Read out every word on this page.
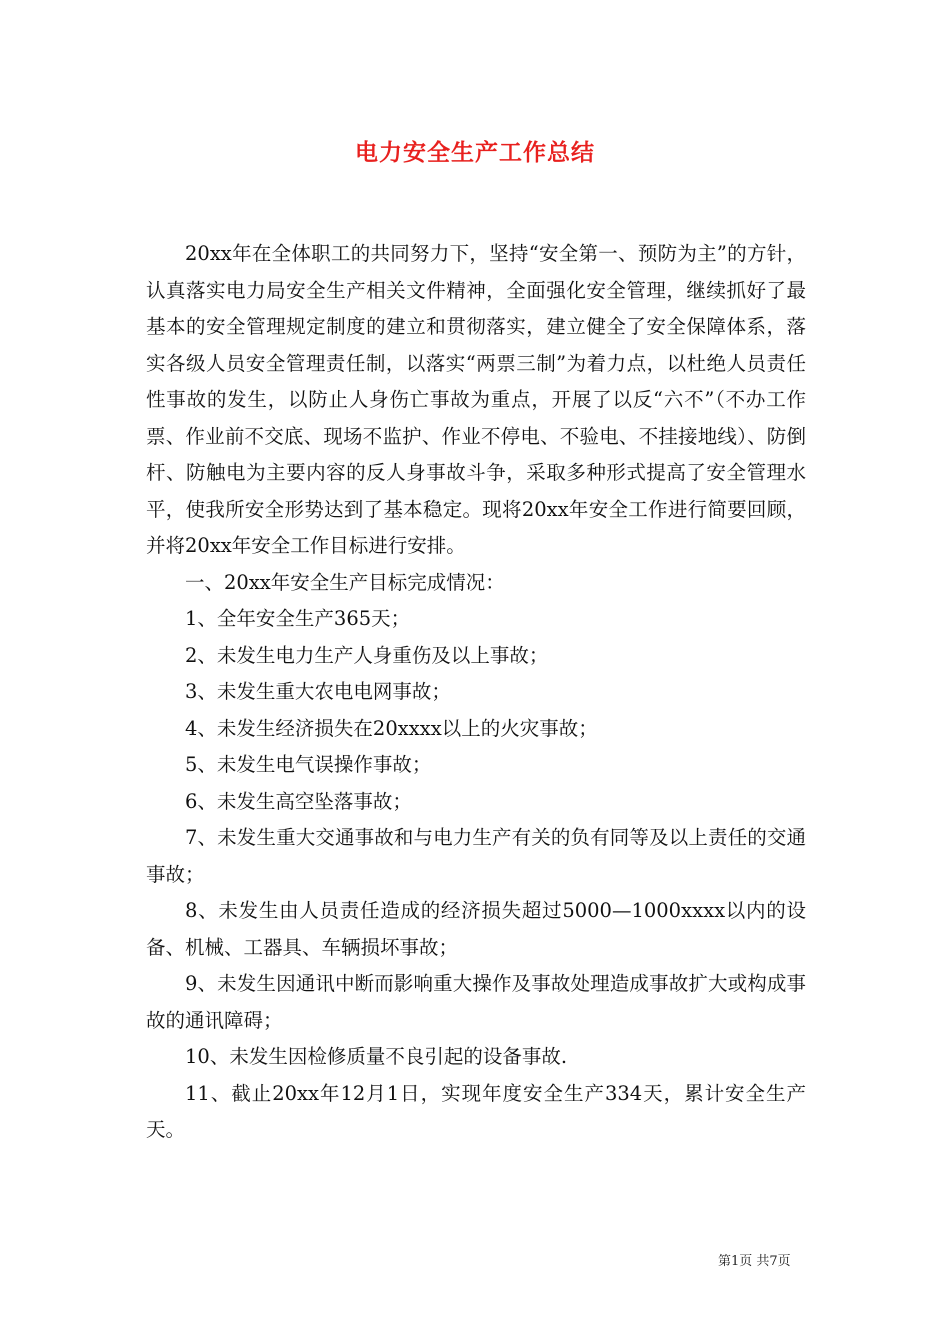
电力安全生产工作总结

20xx年在全体职工的共同努力下，坚持“安全第一、预防为主”的方针，认真落实电力局安全生产相关文件精神，全面强化安全管理，继续抓好了最基本的安全管理规定制度的建立和贯彻落实，建立健全了安全保障体系，落实各级人员安全管理责任制，以落实“两票三制”为着力点，以杜绝人员责任性事故的发生，以防止人身伤亡事故为重点，开展了以反“六不”（不办工作票、作业前不交底、现场不监护、作业不停电、不验电、不挂接地线）、防倒杆、防触电为主要内容的反人身事故斗争，采取多种形式提高了安全管理水平，使我所安全形势达到了基本稳定。现将20xx年安全工作进行简要回顾，并将20xx年安全工作目标进行安排。

一、20xx年安全生产目标完成情况：

1、全年安全生产365天；

2、未发生电力生产人身重伤及以上事故；

3、未发生重大农电电网事故；

4、未发生经济损失在20xxxx以上的火灾事故；

5、未发生电气误操作事故；

6、未发生高空坠落事故；

7、未发生重大交通事故和与电力生产有关的负有同等及以上责任的交通事故；

8、未发生由人员责任造成的经济损失超过5000—1000xxxx以内的设备、机械、工器具、车辆损坏事故；

9、未发生因通讯中断而影响重大操作及事故处理造成事故扩大或构成事故的通讯障碍；

10、未发生因检修质量不良引起的设备事故.

11、截止20xx年12月1日，实现年度安全生产334天，累计安全生产天。

第1页 共7页
